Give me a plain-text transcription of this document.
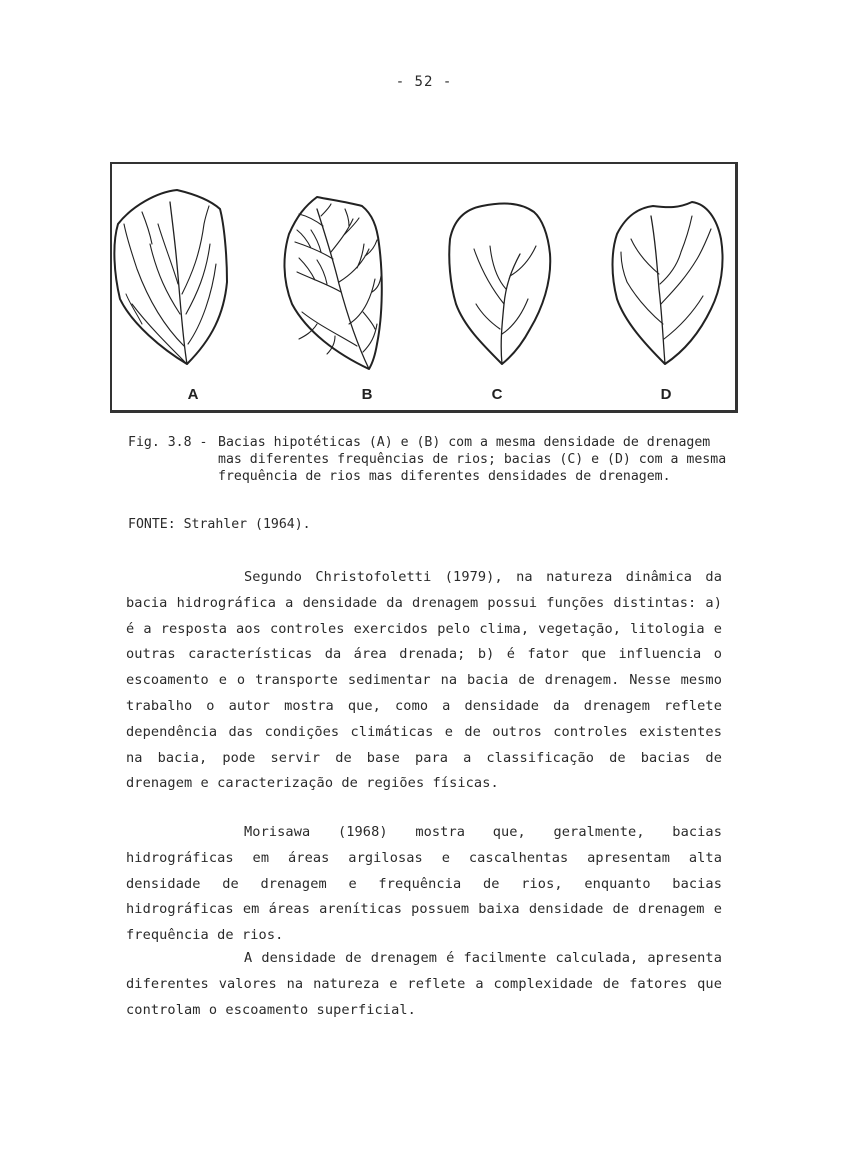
- 52 -
A	B	C	D
Fig. 3.8 - Bacias hipotéticas (A) e (B) com a mesma densidade de drenagem mas diferentes frequências de rios; bacias (C) e (D) com a mesma frequência de rios mas diferentes densidades de drenagem.
FONTE: Strahler (1964).

Segundo Christofoletti (1979), na natureza dinâmica da bacia hidrográfica a densidade da drenagem possui funções distintas: a) é a resposta aos controles exercidos pelo clima, vegetação, litologia e outras características da área drenada; b) é fator que influencia o escoamento e o transporte sedimentar na bacia de drenagem. Nesse mesmo trabalho o autor mostra que, como a densidade da drenagem reflete dependência das condições climáticas e de outros controles existentes na bacia, pode servir de base para a classificação de bacias de drenagem e caracterização de regiões físicas.

Morisawa (1968) mostra que, geralmente, bacias hidrográficas em áreas argilosas e cascalhentas apresentam alta densidade de drenagem e frequência de rios, enquanto bacias hidrográficas em áreas areníticas possuem baixa densidade de drenagem e frequência de rios.

A densidade de drenagem é facilmente calculada, apresenta diferentes valores na natureza e reflete a complexidade de fatores que controlam o escoamento superficial.
